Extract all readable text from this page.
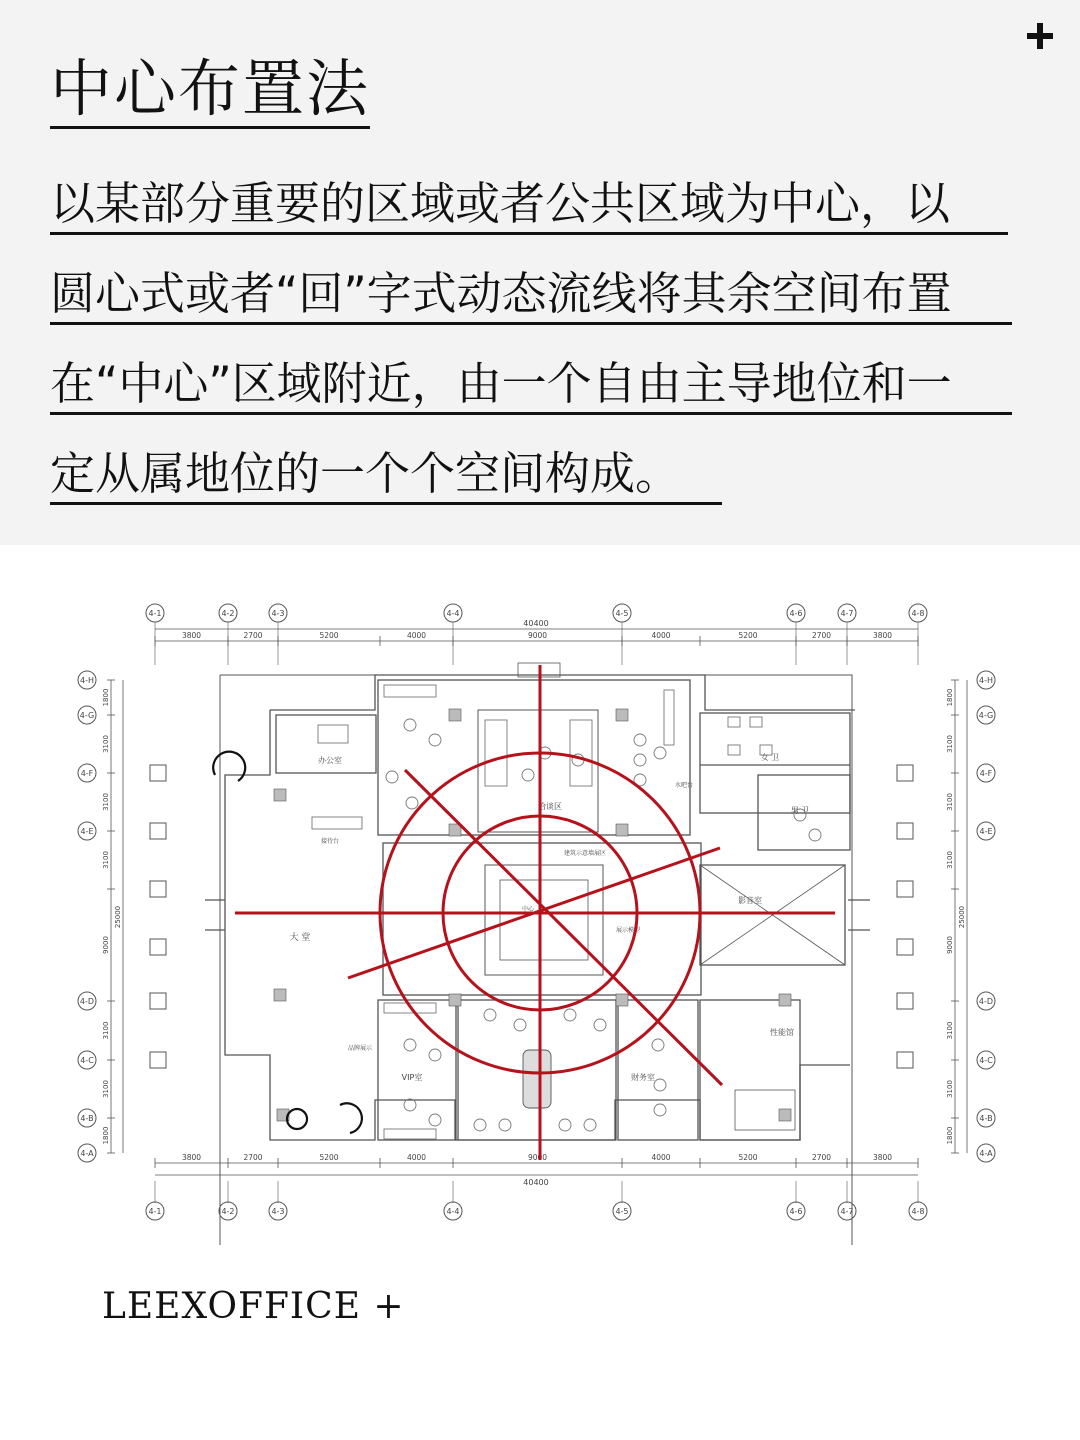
中心布置法
以某部分重要的区域或者公共区域为中心，以
圆心式或者“回”字式动态流线将其余空间布置
在“中心”区域附近，由一个自由主导地位和一
定从属地位的一个个空间构成。
4-1	4-2	4-3	4-4	4-5	4-6	4-7	4-8
4-1	4-2	4-3	4-4	4-5	4-6	4-7	4-8
4-H
4-G
4-F
4-E
4-D
4-C
4-B
4-A
4-H
4-G
4-F
4-E
4-D
4-C
4-B
4-A
40400
3800	2700	5200	4000	9000	4000	5200	2700	3800
40400
3800	2700	5200	4000	9000	4000	5200	2700	3800
1800
3100
3100
3100
9000
3100
3100
1800
25000
1800
3100
3100
3100
9000
3100
3100
1800
25000
办公室
接待台
大 堂
洽谈区
女 卫
男 卫
影音室
VIP室	财务室
性能馆
品牌展示
展示模型
水吧台
中心
建筑示意墙展区
LEEXOFFICE +
